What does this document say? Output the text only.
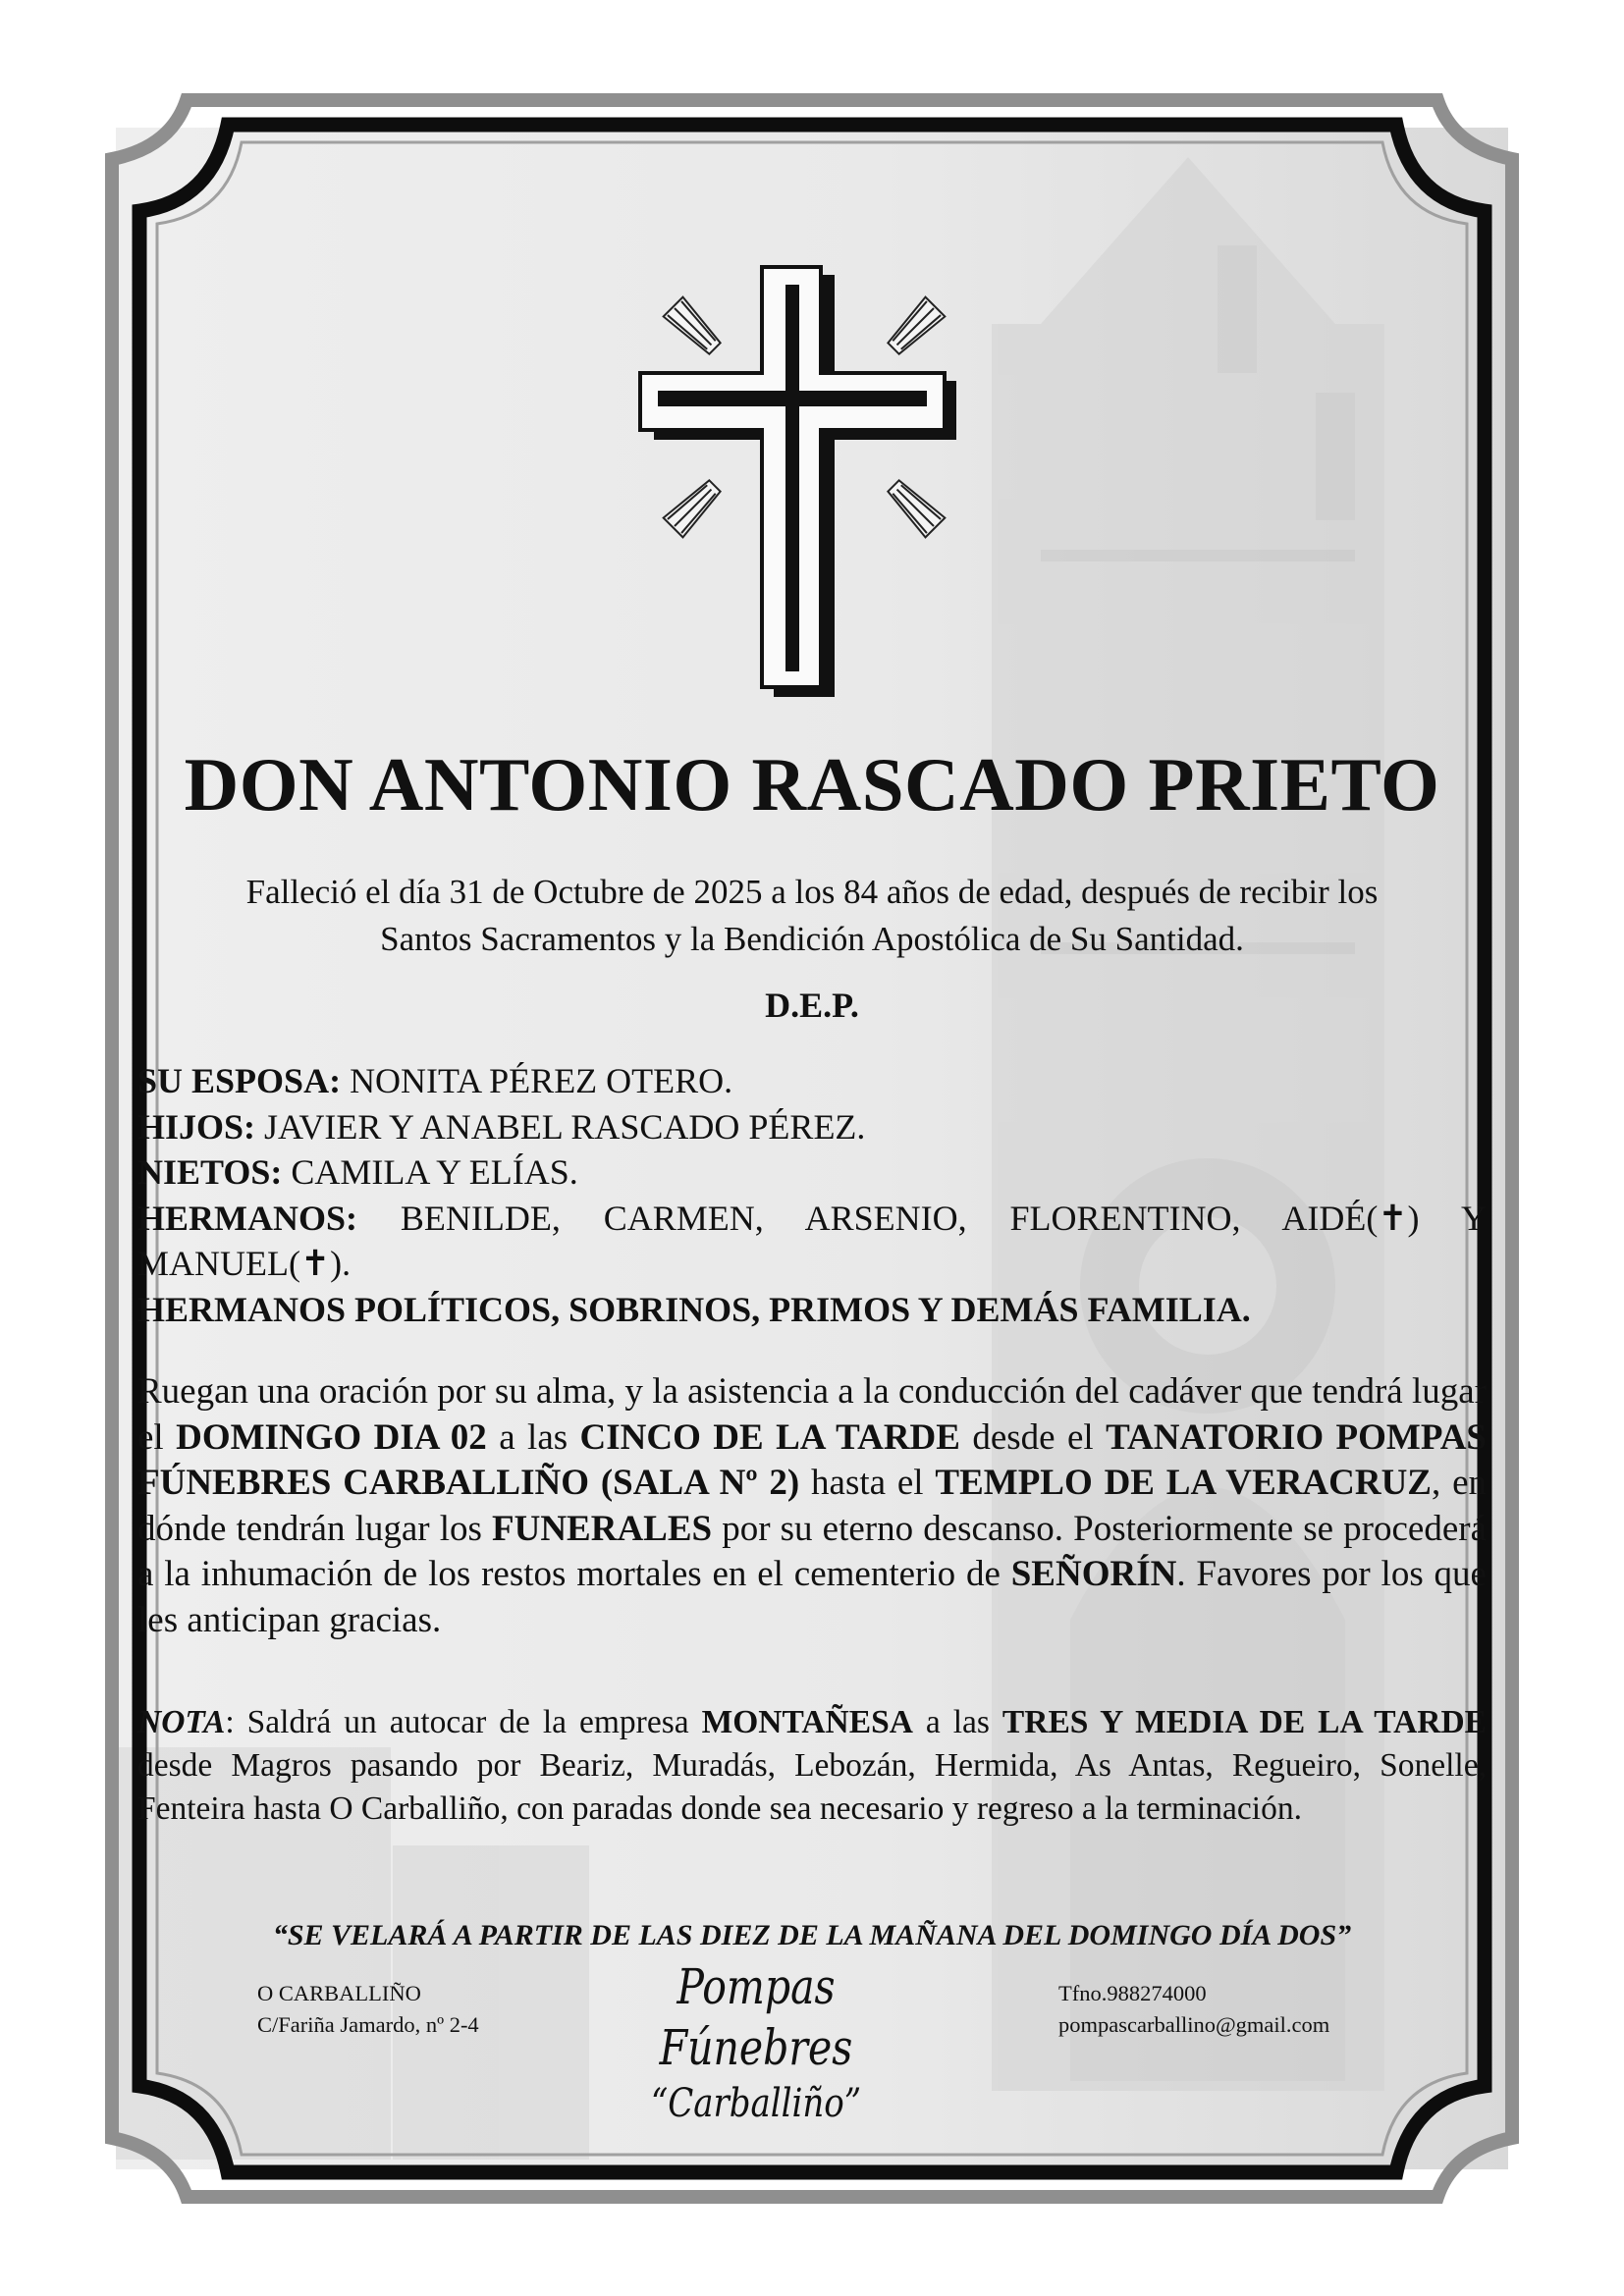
DON ANTONIO RASCADO PRIETO
Falleció el día 31 de Octubre de 2025 a los 84 años de edad, después de recibir los
Santos Sacramentos y la Bendición Apostólica de Su Santidad.
D.E.P.
SU ESPOSA: NONITA PÉREZ OTERO.
HIJOS: JAVIER Y ANABEL RASCADO PÉREZ.
NIETOS: CAMILA Y ELÍAS.
HERMANOS: BENILDE, CARMEN, ARSENIO, FLORENTINO, AIDÉ(✝) Y
MANUEL(✝).
HERMANOS POLÍTICOS, SOBRINOS, PRIMOS Y DEMÁS FAMILIA.
Ruegan una oración por su alma, y la asistencia a la conducción del cadáver que tendrá lugar el DOMINGO DIA 02 a las CINCO DE LA TARDE desde el TANATORIO POMPAS FÚNEBRES CARBALLIÑO (SALA Nº 2) hasta el TEMPLO DE LA VERACRUZ, en dónde tendrán lugar los FUNERALES por su eterno descanso. Posteriormente se procederá a la inhumación de los restos mortales en el cementerio de SEÑORÍN. Favores por los que les anticipan gracias.
NOTA: Saldrá un autocar de la empresa MONTAÑESA a las TRES Y MEDIA DE LA TARDE desde Magros pasando por Beariz, Muradás, Lebozán, Hermida, As Antas, Regueiro, Sonelle, Fenteira hasta O Carballiño, con paradas donde sea necesario y regreso a la terminación.
“SE VELARÁ A PARTIR DE LAS DIEZ DE LA MAÑANA DEL DOMINGO DÍA DOS”
O CARBALLIÑO
C/Fariña Jamardo, nº 2-4
Pompas Fúnebres
“Carballiño”
Tfno.988274000
pompascarballino@gmail.com
